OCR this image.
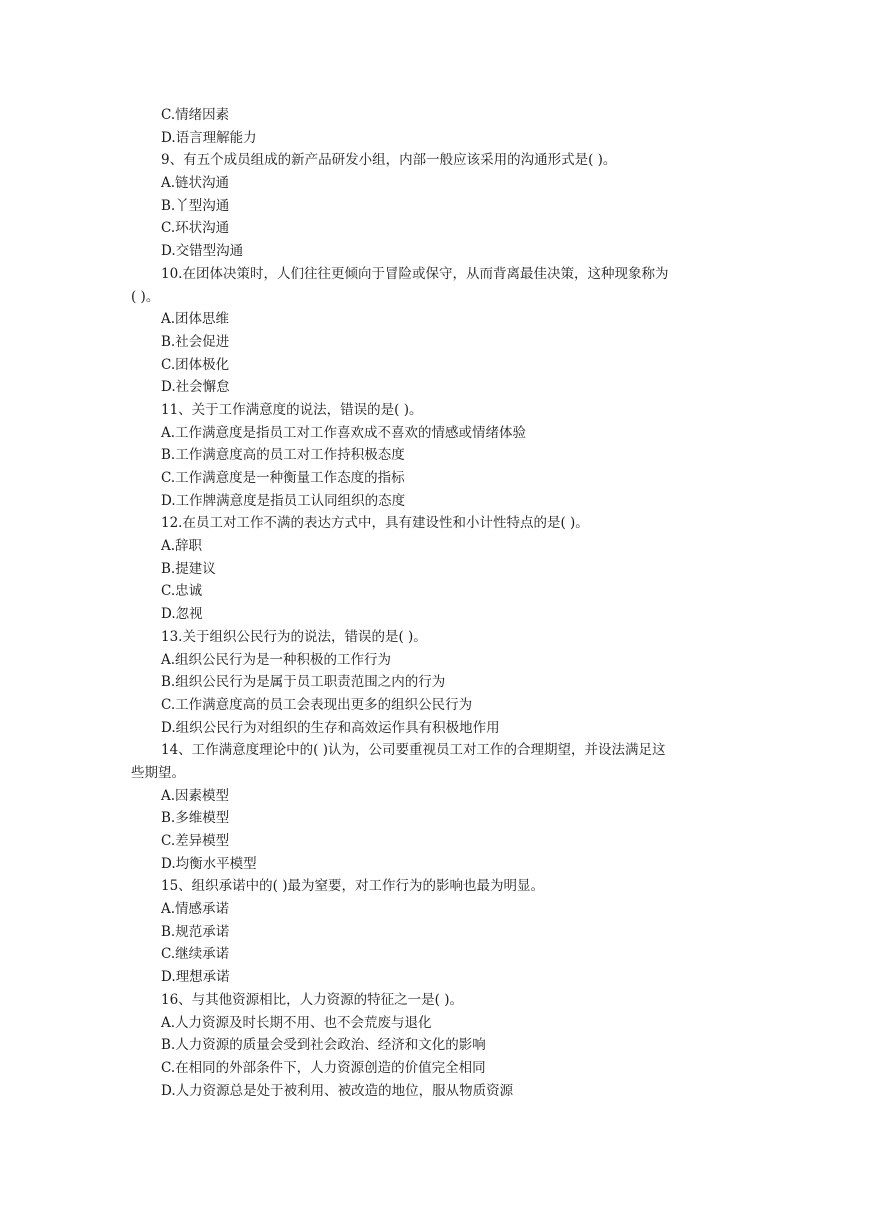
C.情绪因素
D.语言理解能力
9、有五个成员组成的新产品研发小组，内部一般应该采用的沟通形式是( )。
A.链状沟通
B.丫型沟通
C.环状沟通
D.交错型沟通
10.在团体决策时，人们往往更倾向于冒险或保守，从而背离最佳决策，这种现象称为
( )。
A.团体思维
B.社会促进
C.团体极化
D.社会懈怠
11、关于工作满意度的说法，错误的是( )。
A.工作满意度是指员工对工作喜欢成不喜欢的情感或情绪体验
B.工作满意度高的员工对工作持积极态度
C.工作满意度是一种衡量工作态度的指标
D.工作牌满意度是指员工认同组织的态度
12.在员工对工作不满的表达方式中，具有建设性和小计性特点的是( )。
A.辞职
B.提建议
C.忠诚
D.忽视
13.关于组织公民行为的说法，错误的是( )。
A.组织公民行为是一种积极的工作行为
B.组织公民行为是属于员工职责范围之内的行为
C.工作满意度高的员工会表现出更多的组织公民行为
D.组织公民行为对组织的生存和高效运作具有积极地作用
14、工作满意度理论中的( )认为，公司要重视员工对工作的合理期望，并设法满足这
些期望。
A.因素模型
B.多维模型
C.差异模型
D.均衡水平模型
15、组织承诺中的( )最为窒要，对工作行为的影响也最为明显。
A.情感承诺
B.规范承诺
C.继续承诺
D.理想承诺
16、与其他资源相比，人力资源的特征之一是( )。
A.人力资源及时长期不用、也不会荒废与退化
B.人力资源的质量会受到社会政治、经济和文化的影响
C.在相同的外部条件下，人力资源创造的价值完全相同
D.人力资源总是处于被利用、被改造的地位，服从物质资源
